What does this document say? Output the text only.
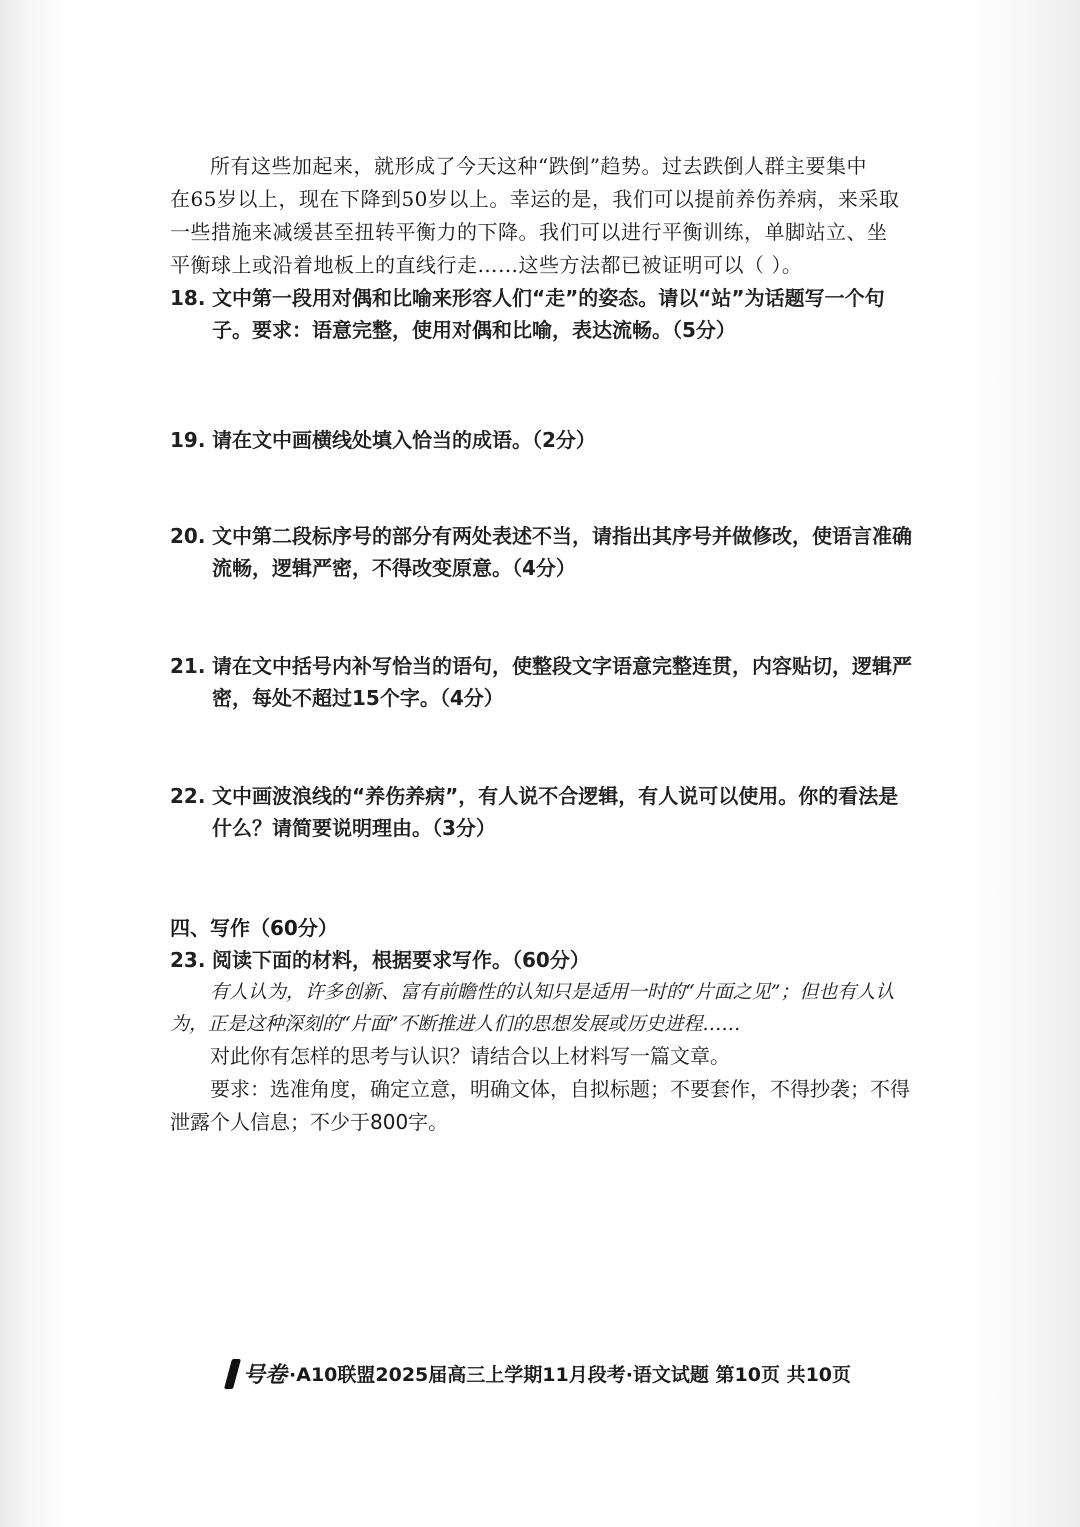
所有这些加起来，就形成了今天这种“跌倒”趋势。过去跌倒人群主要集中

在65岁以上，现在下降到50岁以上。幸运的是，我们可以提前养伤养病，来采取

一些措施来减缓甚至扭转平衡力的下降。我们可以进行平衡训练，单脚站立、坐

平衡球上或沿着地板上的直线行走……这些方法都已被证明可以（ ）。

18. 文中第一段用对偶和比喻来形容人们“走”的姿态。请以“站”为话题写一个句子。要求：语意完整，使用对偶和比喻，表达流畅。（5分）
19. 请在文中画横线处填入恰当的成语。（2分）
20. 文中第二段标序号的部分有两处表述不当，请指出其序号并做修改，使语言准确流畅，逻辑严密，不得改变原意。（4分）
21. 请在文中括号内补写恰当的语句，使整段文字语意完整连贯，内容贴切，逻辑严密，每处不超过15个字。（4分）
22. 文中画波浪线的“养伤养病”，有人说不合逻辑，有人说可以使用。你的看法是什么？请简要说明理由。（3分）
四、写作（60分）
23. 阅读下面的材料，根据要求写作。（60分）

有人认为，许多创新、富有前瞻性的认知只是适用一时的“片面之见”；但也有人认为，正是这种深刻的“片面”不断推进人们的思想发展或历史进程……

对此你有怎样的思考与认识？请结合以上材料写一篇文章。

要求：选准角度，确定立意，明确文体，自拟标题；不要套作，不得抄袭；不得泄露个人信息；不少于800字。

号卷 ·A10联盟2025届高三上学期11月段考·语文试题 第10页 共10页
